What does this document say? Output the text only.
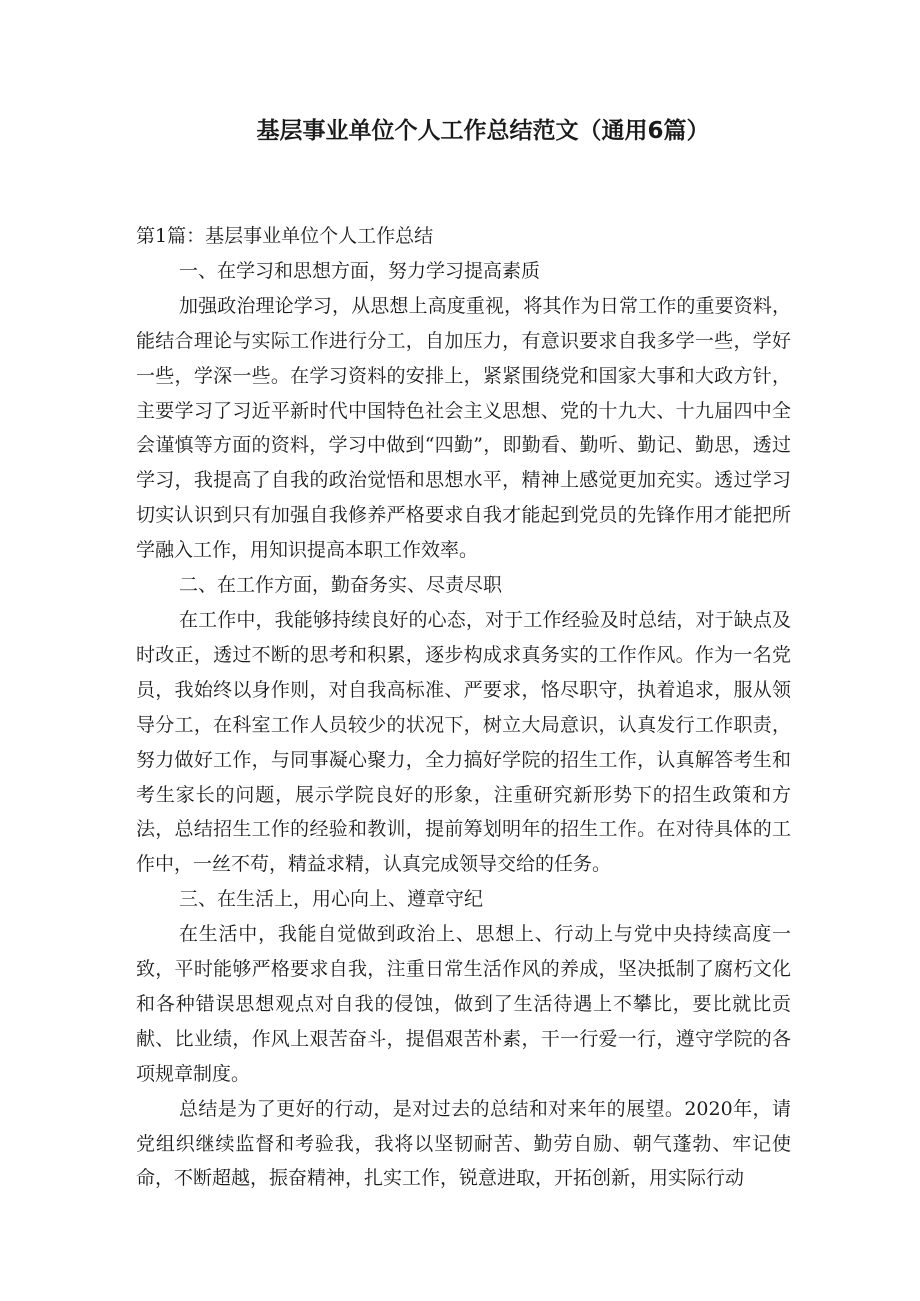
基层事业单位个人工作总结范文（通用6篇）

第1篇：基层事业单位个人工作总结

一、在学习和思想方面，努力学习提高素质

加强政治理论学习，从思想上高度重视，将其作为日常工作的重要资料，能结合理论与实际工作进行分工，自加压力，有意识要求自我多学一些，学好一些，学深一些。在学习资料的安排上，紧紧围绕党和国家大事和大政方针，主要学习了习近平新时代中国特色社会主义思想、党的十九大、十九届四中全会谨慎等方面的资料，学习中做到“四勤”，即勤看、勤听、勤记、勤思，透过学习，我提高了自我的政治觉悟和思想水平，精神上感觉更加充实。透过学习切实认识到只有加强自我修养严格要求自我才能起到党员的先锋作用才能把所学融入工作，用知识提高本职工作效率。

二、在工作方面，勤奋务实、尽责尽职

在工作中，我能够持续良好的心态，对于工作经验及时总结，对于缺点及时改正，透过不断的思考和积累，逐步构成求真务实的工作作风。作为一名党员，我始终以身作则，对自我高标准、严要求，恪尽职守，执着追求，服从领导分工，在科室工作人员较少的状况下，树立大局意识，认真发行工作职责，努力做好工作，与同事凝心聚力，全力搞好学院的招生工作，认真解答考生和考生家长的问题，展示学院良好的形象，注重研究新形势下的招生政策和方法，总结招生工作的经验和教训，提前筹划明年的招生工作。在对待具体的工作中，一丝不苟，精益求精，认真完成领导交给的任务。

三、在生活上，用心向上、遵章守纪

在生活中，我能自觉做到政治上、思想上、行动上与党中央持续高度一致，平时能够严格要求自我，注重日常生活作风的养成，坚决抵制了腐朽文化和各种错误思想观点对自我的侵蚀，做到了生活待遇上不攀比，要比就比贡献、比业绩，作风上艰苦奋斗，提倡艰苦朴素，干一行爱一行，遵守学院的各项规章制度。

总结是为了更好的行动，是对过去的总结和对来年的展望。2020年，请党组织继续监督和考验我，我将以坚韧耐苦、勤劳自励、朝气蓬勃、牢记使命，不断超越，振奋精神，扎实工作，锐意进取，开拓创新，用实际行动
